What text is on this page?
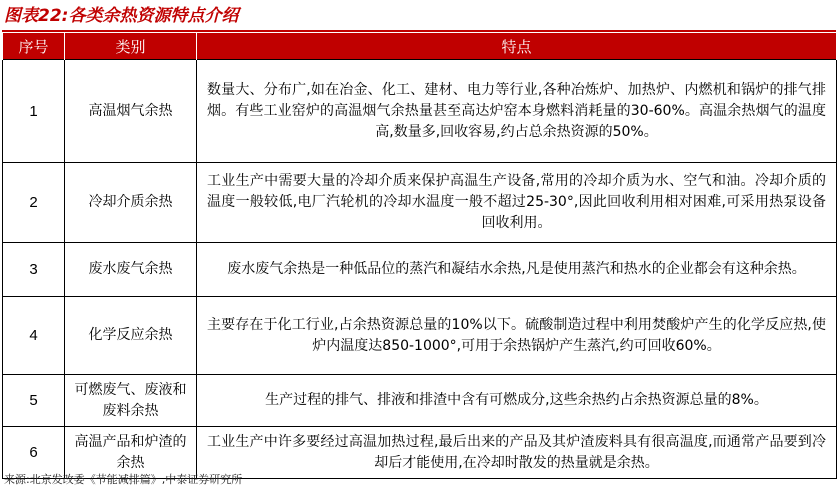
图表22:各类余热资源特点介绍
序号	类别	特点
1	高温烟气余热	数量大、分布广,如在冶金、化工、建材、电力等行业,各种冶炼炉、加热炉、内燃机和锅炉的排气排烟。有些工业窑炉的高温烟气余热量甚至高达炉窑本身燃料消耗量的30-60%。高温余热烟气的温度高,数量多,回收容易,约占总余热资源的50%。
2	冷却介质余热	工业生产中需要大量的冷却介质来保护高温生产设备,常用的冷却介质为水、空气和油。冷却介质的温度一般较低,电厂汽轮机的冷却水温度一般不超过25-30°,因此回收利用相对困难,可采用热泵设备回收利用。
3	废水废气余热	废水废气余热是一种低品位的蒸汽和凝结水余热,凡是使用蒸汽和热水的企业都会有这种余热。
4	化学反应余热	主要存在于化工行业,占余热资源总量的10%以下。硫酸制造过程中利用焚酸炉产生的化学反应热,使炉内温度达850-1000°,可用于余热锅炉产生蒸汽,约可回收60%。
5	可燃废气、废液和废料余热	生产过程的排气、排液和排渣中含有可燃成分,这些余热约占余热资源总量的8%。
6	高温产品和炉渣的余热	工业生产中许多要经过高温加热过程,最后出来的产品及其炉渣废料具有很高温度,而通常产品要到冷却后才能使用,在冷却时散发的热量就是余热。
来源:北京发改委《节能减排篇》,中泰证券研究所
